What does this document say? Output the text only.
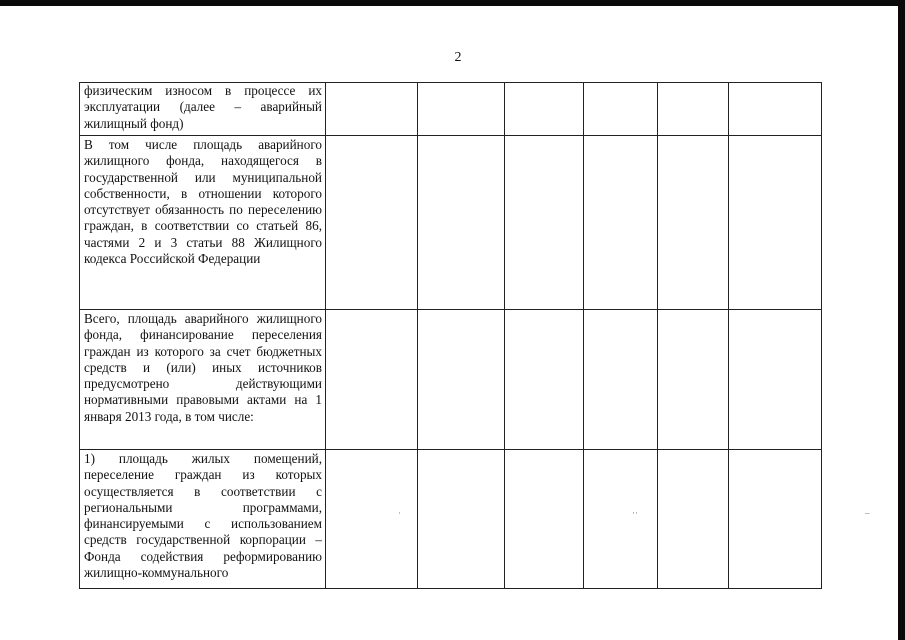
2
физическим износом в процессе их эксплуатации (далее – аварийный жилищный фонд)						
В том числе площадь аварийного жилищного фонда, находящегося в государственной или муниципальной собственности, в отношении которого отсутствует обязанность по переселению граждан, в соответствии со статьей 86, частями 2 и 3 статьи 88 Жилищного кодекса Российской Федерации						
Всего, площадь аварийного жилищного фонда, финансирование переселения граждан из которого за счет бюджетных средств и (или) иных источников предусмотрено действующими нормативными правовыми актами на 1 января 2013 года, в том числе:						
1) площадь жилых помещений, переселение граждан из которых осуществляется в соответствии с региональными программами, финансируемыми с использованием средств государственной корпорации – Фонда содействия реформированию жилищно-коммунального						
·	··	–
